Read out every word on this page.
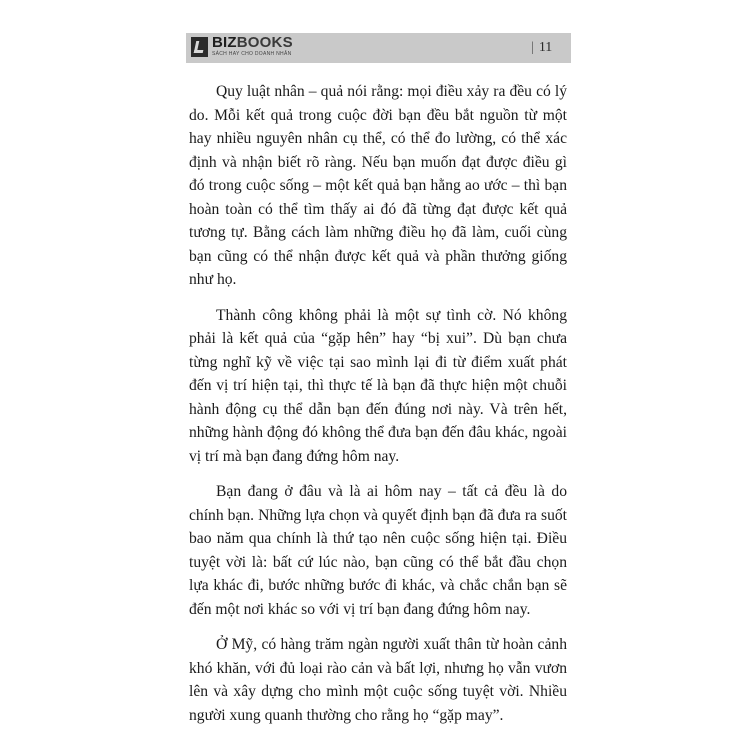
BIZBOOKS
SÁCH HAY CHO DOANH NHÂN	| 11

Quy luật nhân – quả nói rằng: mọi điều xảy ra đều có lý do. Mỗi kết quả trong cuộc đời bạn đều bắt nguồn từ một hay nhiều nguyên nhân cụ thể, có thể đo lường, có thể xác định và nhận biết rõ ràng. Nếu bạn muốn đạt được điều gì đó trong cuộc sống – một kết quả bạn hằng ao ước – thì bạn hoàn toàn có thể tìm thấy ai đó đã từng đạt được kết quả tương tự. Bằng cách làm những điều họ đã làm, cuối cùng bạn cũng có thể nhận được kết quả và phần thưởng giống như họ.

Thành công không phải là một sự tình cờ. Nó không phải là kết quả của “gặp hên” hay “bị xui”. Dù bạn chưa từng nghĩ kỹ về việc tại sao mình lại đi từ điểm xuất phát đến vị trí hiện tại, thì thực tế là bạn đã thực hiện một chuỗi hành động cụ thể dẫn bạn đến đúng nơi này. Và trên hết, những hành động đó không thể đưa bạn đến đâu khác, ngoài vị trí mà bạn đang đứng hôm nay.

Bạn đang ở đâu và là ai hôm nay – tất cả đều là do chính bạn. Những lựa chọn và quyết định bạn đã đưa ra suốt bao năm qua chính là thứ tạo nên cuộc sống hiện tại. Điều tuyệt vời là: bất cứ lúc nào, bạn cũng có thể bắt đầu chọn lựa khác đi, bước những bước đi khác, và chắc chắn bạn sẽ đến một nơi khác so với vị trí bạn đang đứng hôm nay.

Ở Mỹ, có hàng trăm ngàn người xuất thân từ hoàn cảnh khó khăn, với đủ loại rào cản và bất lợi, nhưng họ vẫn vươn lên và xây dựng cho mình một cuộc sống tuyệt vời. Nhiều người xung quanh thường cho rằng họ “gặp may”.
